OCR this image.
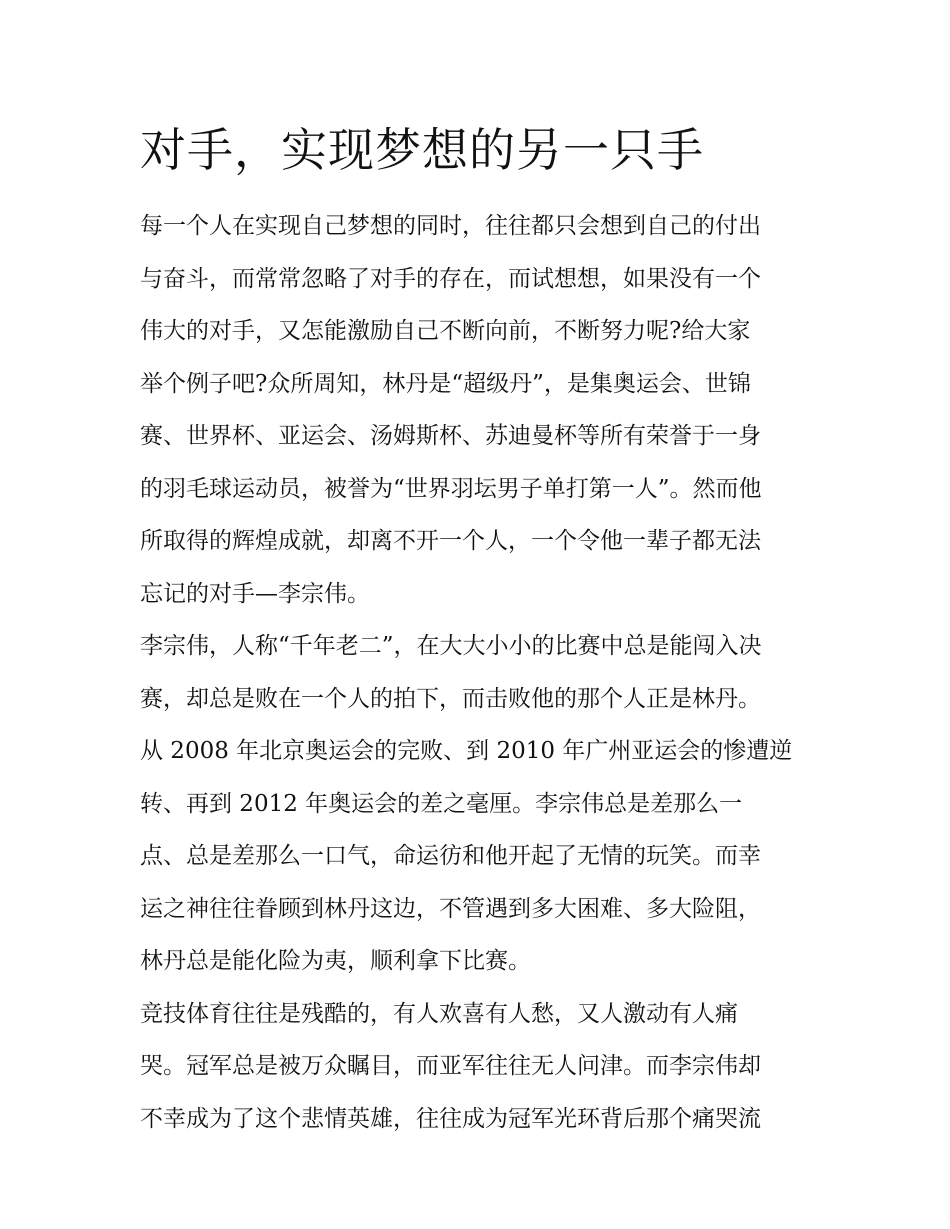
对手，实现梦想的另一只手
每一个人在实现自己梦想的同时，往往都只会想到自己的付出
与奋斗，而常常忽略了对手的存在，而试想想，如果没有一个
伟大的对手，又怎能激励自己不断向前，不断努力呢?给大家
举个例子吧?众所周知，林丹是“超级丹”，是集奥运会、世锦
赛、世界杯、亚运会、汤姆斯杯、苏迪曼杯等所有荣誉于一身
的羽毛球运动员，被誉为“世界羽坛男子单打第一人”。然而他
所取得的辉煌成就，却离不开一个人，一个令他一辈子都无法
忘记的对手—李宗伟。
李宗伟，人称“千年老二”，在大大小小的比赛中总是能闯入决
赛，却总是败在一个人的拍下，而击败他的那个人正是林丹。
从 2008 年北京奥运会的完败、到 2010 年广州亚运会的惨遭逆
转、再到 2012 年奥运会的差之毫厘。李宗伟总是差那么一
点、总是差那么一口气，命运彷和他开起了无情的玩笑。而幸
运之神往往眷顾到林丹这边，不管遇到多大困难、多大险阻，
林丹总是能化险为夷，顺利拿下比赛。
竞技体育往往是残酷的，有人欢喜有人愁，又人激动有人痛
哭。冠军总是被万众瞩目，而亚军往往无人问津。而李宗伟却
不幸成为了这个悲情英雄，往往成为冠军光环背后那个痛哭流
